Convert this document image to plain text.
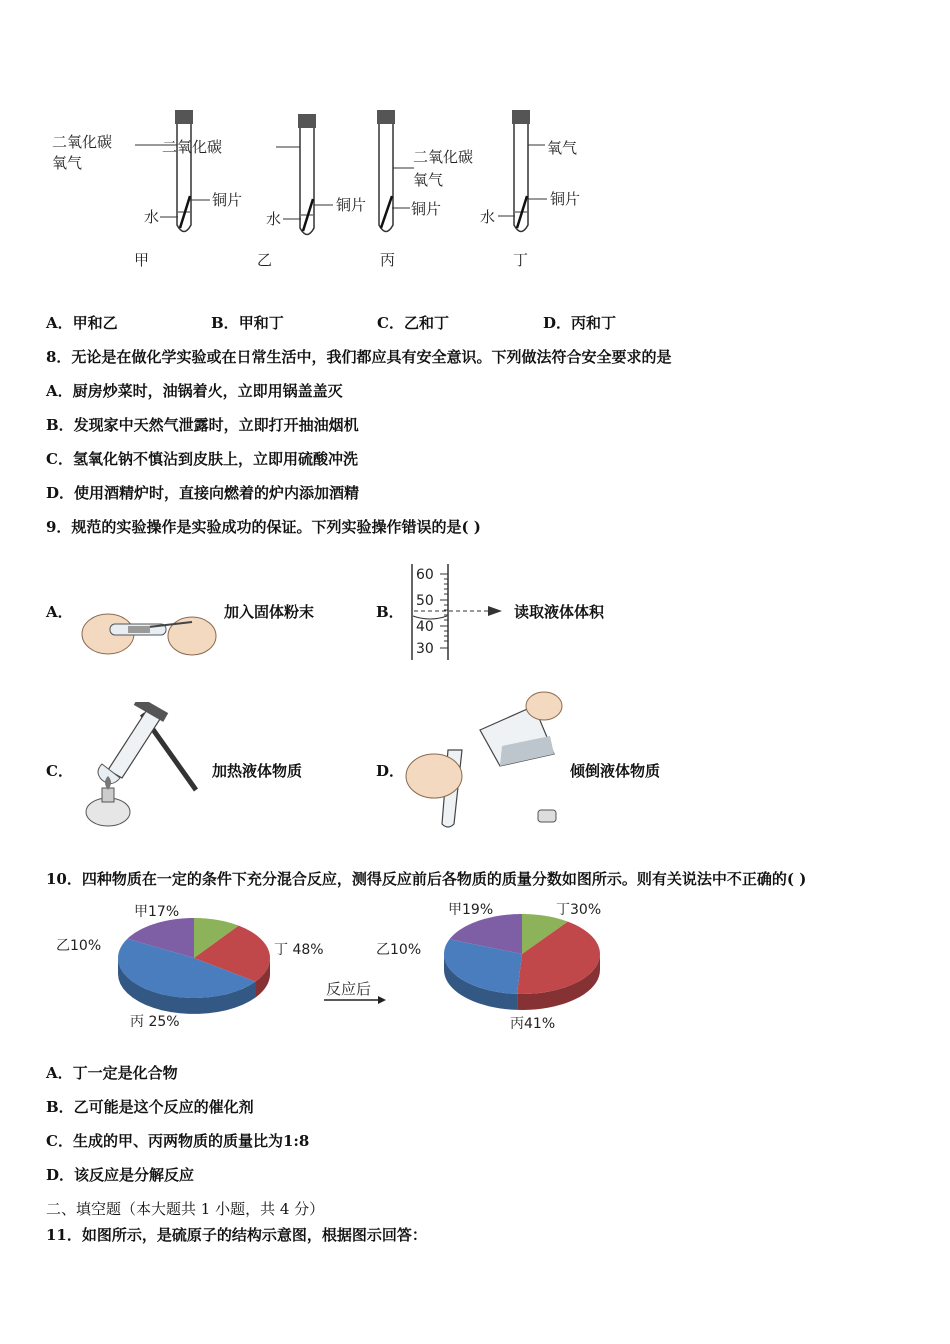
二氧化碳
氧气
铜片
水
甲
二氧化碳
铜片
水
乙
二氧化碳
氧气
铜片
丙
氧气
铜片
水
丁
A．甲和乙	B．甲和丁	C．乙和丁	D．丙和丁
8．无论是在做化学实验或在日常生活中，我们都应具有安全意识。下列做法符合安全要求的是
A．厨房炒菜时，油锅着火，立即用锅盖盖灭
B．发现家中天然气泄露时，立即打开抽油烟机
C．氢氧化钠不慎沾到皮肤上，立即用硫酸冲洗
D．使用酒精炉时，直接向燃着的炉内添加酒精
9．规范的实验操作是实验成功的保证。下列实验操作错误的是( )
A．	加入固体粉末	B．
60
50
40
30
读取液体体积
C．	加热液体物质	D．	倾倒液体物质
10．四种物质在一定的条件下充分混合反应，测得反应前后各物质的质量分数如图所示。则有关说法中不正确的( )
甲17%
乙10%
丙 25%
丁 48%
反应后
甲19%
乙10%
丙41%
丁30%
A．丁一定是化合物
B．乙可能是这个反应的催化剂
C．生成的甲、丙两物质的质量比为1:8
D．该反应是分解反应
二、填空题（本大题共 1 小题，共 4 分）
11．如图所示，是硫原子的结构示意图，根据图示回答：
